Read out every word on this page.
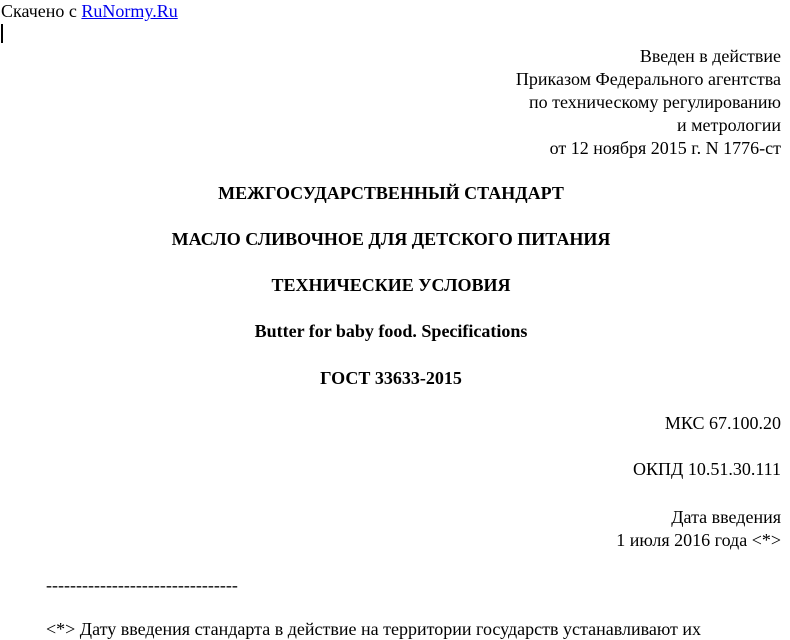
Скачено с RuNormy.Ru
Введен в действие
Приказом Федерального агентства
по техническому регулированию
и метрологии
от 12 ноября 2015 г. N 1776-ст
МЕЖГОСУДАРСТВЕННЫЙ СТАНДАРТ
МАСЛО СЛИВОЧНОЕ ДЛЯ ДЕТСКОГО ПИТАНИЯ
ТЕХНИЧЕСКИЕ УСЛОВИЯ
Butter for baby food. Specifications
ГОСТ 33633-2015
МКС 67.100.20
ОКПД 10.51.30.111
Дата введения
1 июля 2016 года <*>
--------------------------------
<*> Дату введения стандарта в действие на территории государств устанавливают их
